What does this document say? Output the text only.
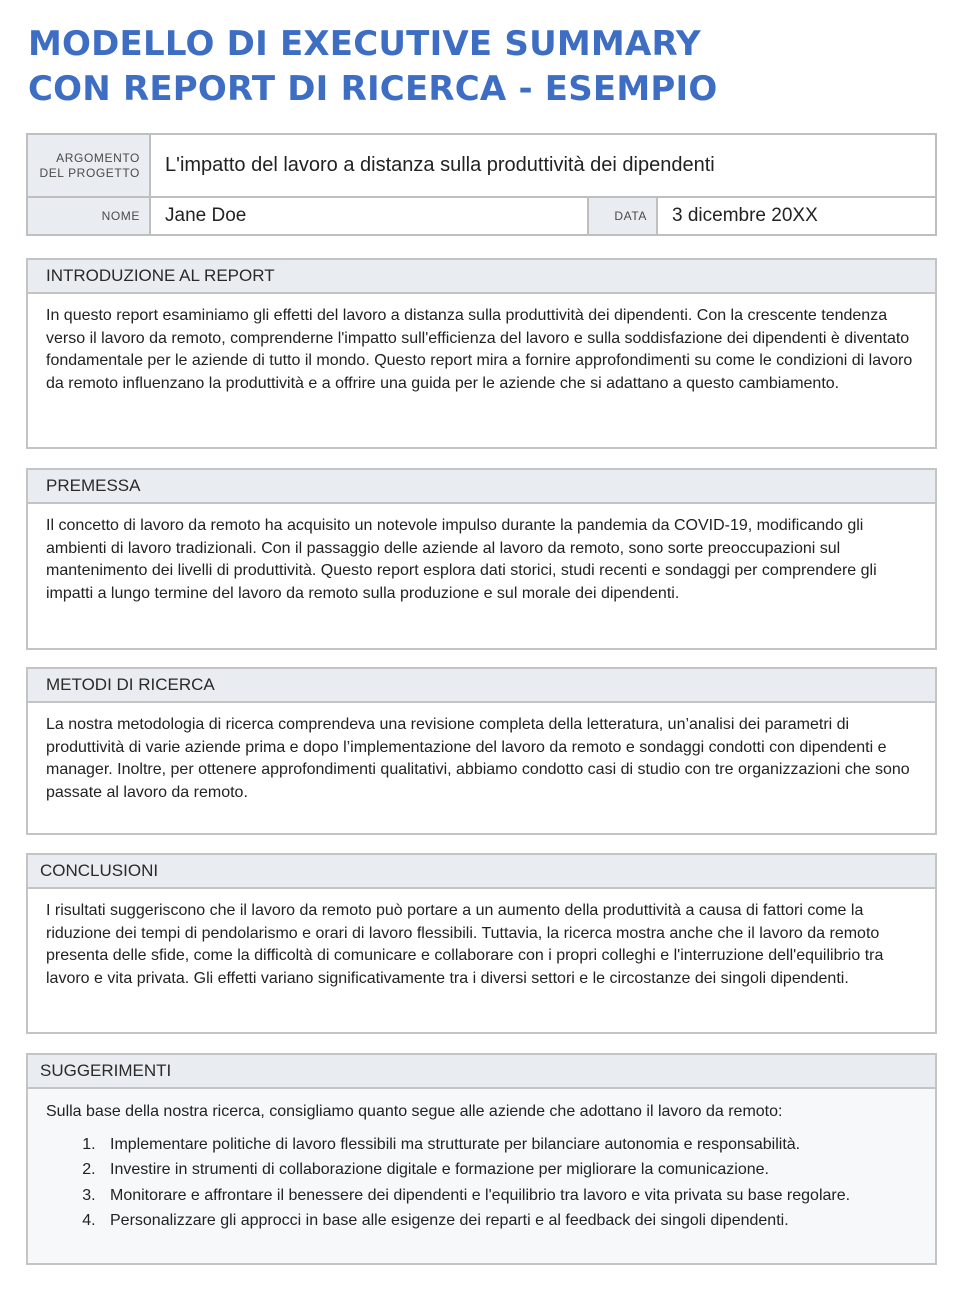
MODELLO DI EXECUTIVE SUMMARY
CON REPORT DI RICERCA - ESEMPIO
ARGOMENTO DEL PROGETTO	L'impatto del lavoro a distanza sulla produttività dei dipendenti
NOME	Jane Doe	DATA	3 dicembre 20XX
INTRODUZIONE AL REPORT
In questo report esaminiamo gli effetti del lavoro a distanza sulla produttività dei dipendenti. Con la crescente tendenza verso il lavoro da remoto, comprenderne l'impatto sull'efficienza del lavoro e sulla soddisfazione dei dipendenti è diventato fondamentale per le aziende di tutto il mondo. Questo report mira a fornire approfondimenti su come le condizioni di lavoro da remoto influenzano la produttività e a offrire una guida per le aziende che si adattano a questo cambiamento.
PREMESSA
Il concetto di lavoro da remoto ha acquisito un notevole impulso durante la pandemia da COVID-19, modificando gli ambienti di lavoro tradizionali. Con il passaggio delle aziende al lavoro da remoto, sono sorte preoccupazioni sul mantenimento dei livelli di produttività. Questo report esplora dati storici, studi recenti e sondaggi per comprendere gli impatti a lungo termine del lavoro da remoto sulla produzione e sul morale dei dipendenti.
METODI DI RICERCA
La nostra metodologia di ricerca comprendeva una revisione completa della letteratura, un’analisi dei parametri di produttività di varie aziende prima e dopo l’implementazione del lavoro da remoto e sondaggi condotti con dipendenti e manager. Inoltre, per ottenere approfondimenti qualitativi, abbiamo condotto casi di studio con tre organizzazioni che sono passate al lavoro da remoto.
CONCLUSIONI
I risultati suggeriscono che il lavoro da remoto può portare a un aumento della produttività a causa di fattori come la riduzione dei tempi di pendolarismo e orari di lavoro flessibili. Tuttavia, la ricerca mostra anche che il lavoro da remoto presenta delle sfide, come la difficoltà di comunicare e collaborare con i propri colleghi e l'interruzione dell'equilibrio tra lavoro e vita privata. Gli effetti variano significativamente tra i diversi settori e le circostanze dei singoli dipendenti.
SUGGERIMENTI
Sulla base della nostra ricerca, consigliamo quanto segue alle aziende che adottano il lavoro da remoto:
1. Implementare politiche di lavoro flessibili ma strutturate per bilanciare autonomia e responsabilità.
2. Investire in strumenti di collaborazione digitale e formazione per migliorare la comunicazione.
3. Monitorare e affrontare il benessere dei dipendenti e l'equilibrio tra lavoro e vita privata su base regolare.
4. Personalizzare gli approcci in base alle esigenze dei reparti e al feedback dei singoli dipendenti.
